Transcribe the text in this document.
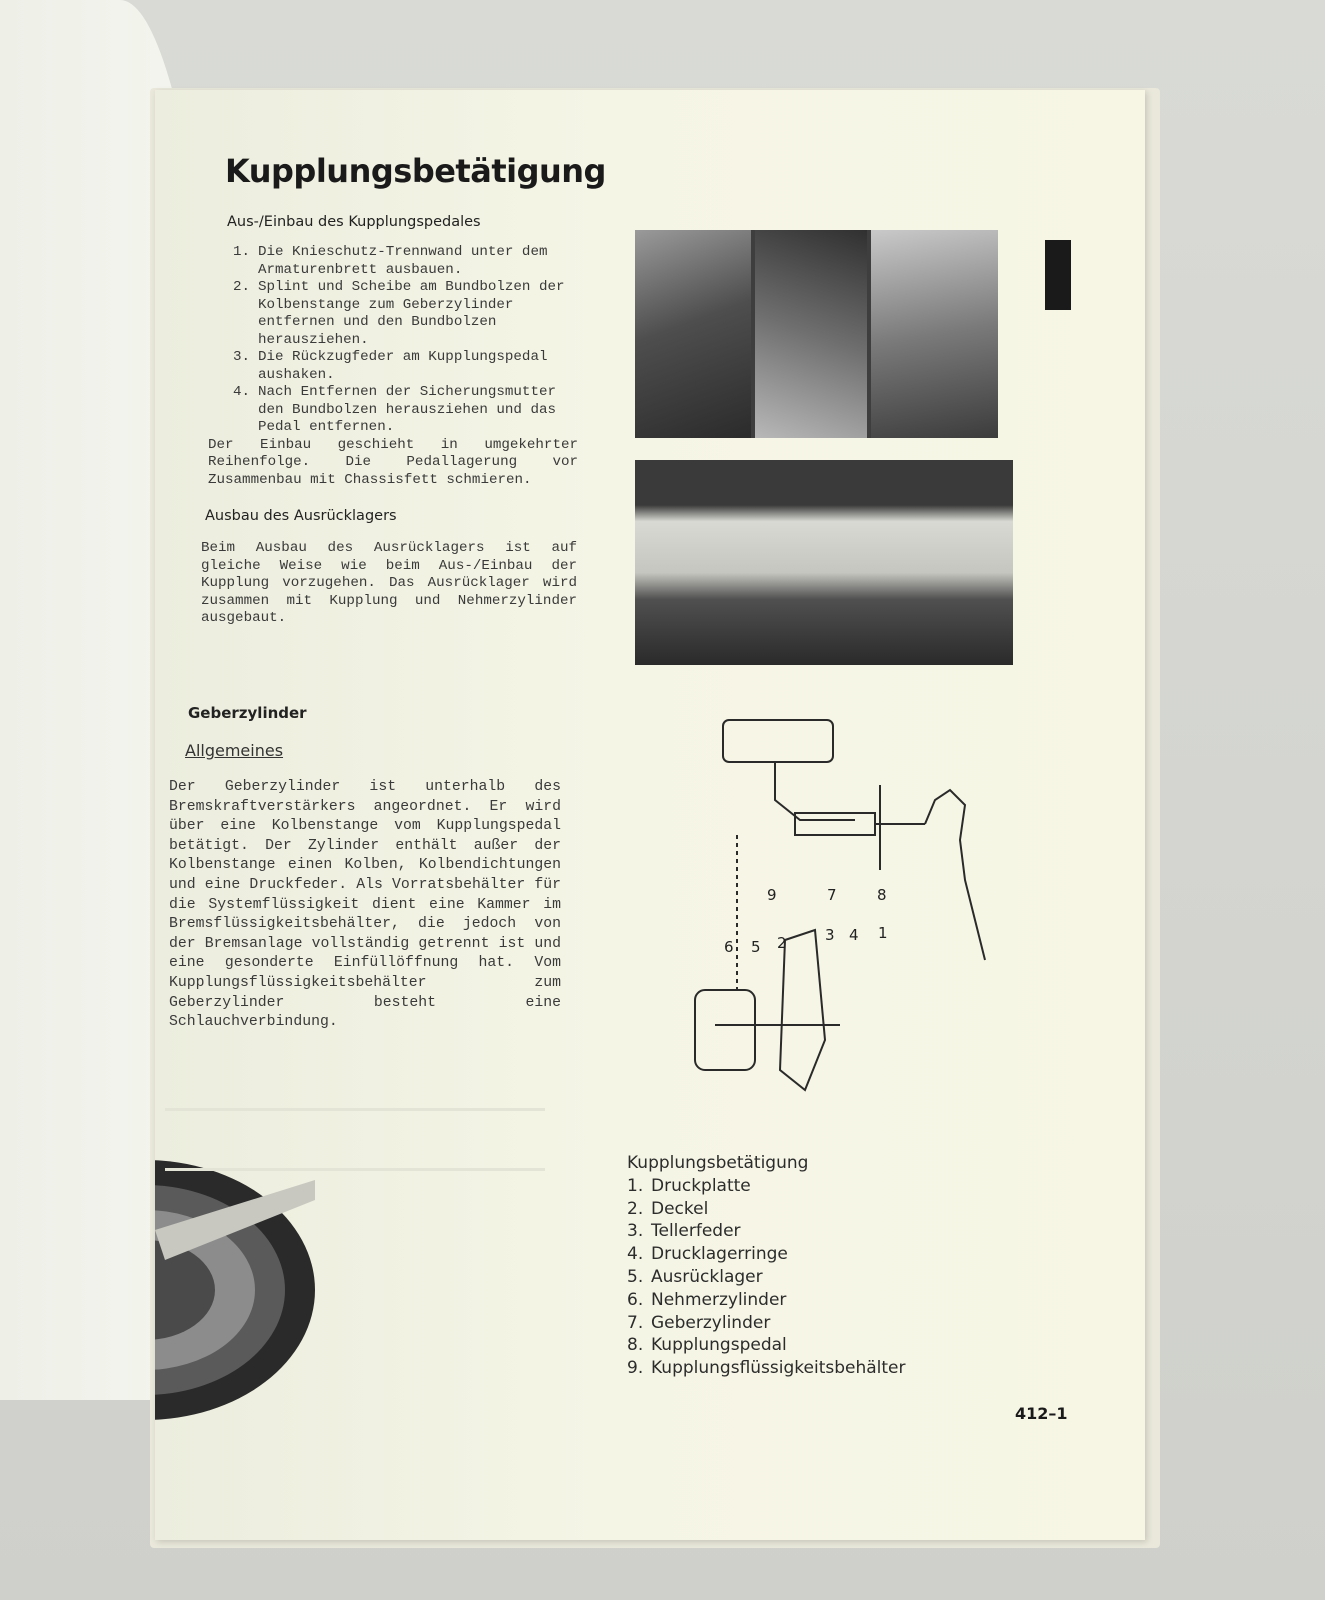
Kupplungsbetätigung
Aus-/Einbau des Kupplungspedales
1. Die Knieschutz-Trennwand unter dem Armaturenbrett ausbauen.
2. Splint und Scheibe am Bundbolzen der Kolbenstange zum Geberzylinder entfernen und den Bundbolzen herausziehen.
3. Die Rückzugfeder am Kupplungspedal aushaken.
4. Nach Entfernen der Sicherungsmutter den Bundbolzen herausziehen und das Pedal entfernen.

Der Einbau geschieht in umgekehrter Reihenfolge. Die Pedallagerung vor Zusammenbau mit Chassisfett schmieren.

Ausbau des Ausrücklagers

Beim Ausbau des Ausrücklagers ist auf gleiche Weise wie beim Aus-/Einbau der Kupplung vorzugehen. Das Ausrücklager wird zusammen mit Kupplung und Nehmerzylinder ausgebaut.

Geberzylinder
Allgemeines

Der Geberzylinder ist unterhalb des Bremskraftverstärkers angeordnet. Er wird über eine Kolbenstange vom Kupplungspedal betätigt. Der Zylinder enthält außer der Kolbenstange einen Kolben, Kolbendichtungen und eine Druckfeder. Als Vorratsbehälter für die Systemflüssigkeit dient eine Kammer im Bremsflüssigkeitsbehälter, die jedoch von der Bremsanlage vollständig getrennt ist und eine gesonderte Einfüllöffnung hat. Vom Kupplungsflüssigkeitsbehälter zum Geberzylinder besteht eine Schlauchverbindung.

9	7	8
6 5 2	3 4 1
Kupplungsbetätigung
1. Druckplatte
2. Deckel
3. Tellerfeder
4. Drucklagerringe
5. Ausrücklager
6. Nehmerzylinder
7. Geberzylinder
8. Kupplungspedal
9. Kupplungsflüssigkeitsbehälter
412–1
